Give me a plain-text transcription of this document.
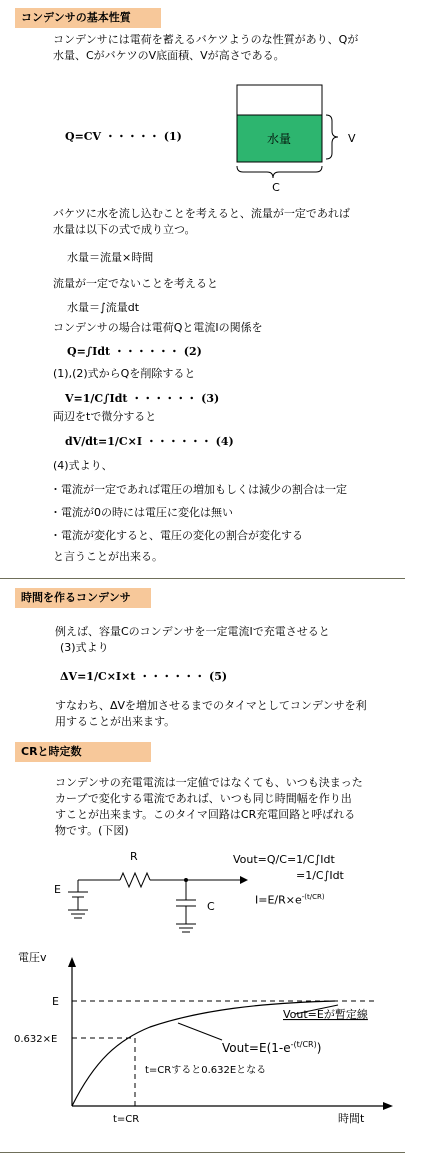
コンデンサの基本性質
コンデンサには電荷を蓄えるバケツようのな性質があり、Qが
水量、CがバケツのV底面積、Vが高さである。
Q=CV ・・・・・ (1)	水量	V
C
バケツに水を流し込むことを考えると、流量が一定であれば
水量は以下の式で成り立つ。
水量＝流量×時間
流量が一定でないことを考えると
水量＝∫流量dt
コンデンサの場合は電荷Qと電流Iの関係を
Q=∫Idt ・・・・・・ (2)
(1),(2)式からQを削除すると
V=1/C∫Idt ・・・・・・ (3)
両辺をtで微分すると
dV/dt=1/C×I ・・・・・・ (4)
(4)式より、
・電流が一定であれば電圧の増加もしくは減少の割合は一定
・電流が0の時には電圧に変化は無い
・電流が変化すると、電圧の変化の割合が変化する
と言うことが出来る。
時間を作るコンデンサ
例えば、容量Cのコンデンサを一定電流Iで充電させると
(3)式より
ΔV=1/C×I×t ・・・・・・ (5)
すなわち、ΔVを増加させるまでのタイマとしてコンデンサを利
用することが出来ます。
CRと時定数
コンデンサの充電電流は一定値ではなくても、いつも決まった
カーブで変化する電流であれば、いつも同じ時間幅を作り出
すことが出来ます。このタイマ回路はCR充電回路と呼ばれる
物です。(下図)
R
E
C
Vout=Q/C=1/C∫Idt
=1/C∫Idt
$I=E/R\times e^{-(t/CR)}$
電圧v
時間t
E
0.632×E
t=CR
Vout=Eが暫定線
$Vout=E(1-e^{-(t/CR)})$
t=CRすると0.632Eとなる
